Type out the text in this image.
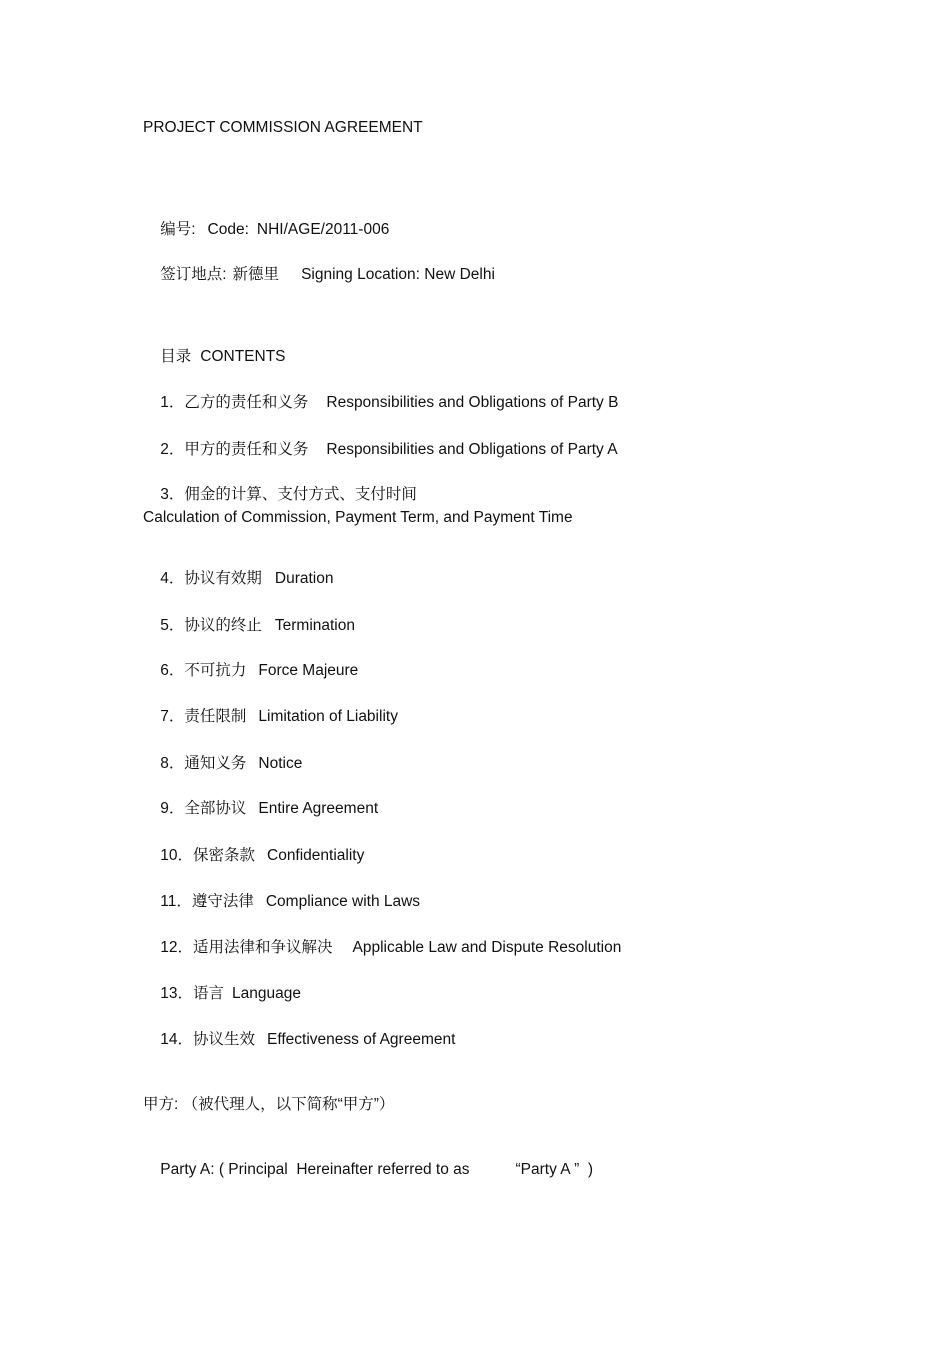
PROJECT COMMISSION AGREEMENT

编号: Code: NHI/AGE/2011-006

签订地点: 新德里 Signing Location: New Delhi

目录 CONTENTS

1．乙方的责任和义务 Responsibilities and Obligations of Party B

2．甲方的责任和义务 Responsibilities and Obligations of Party A

3．佣金的计算、支付方式、支付时间

Calculation of Commission, Payment Term, and Payment Time

4．协议有效期 Duration

5．协议的终止 Termination

6．不可抗力 Force Majeure

7．责任限制 Limitation of Liability

8．通知义务 Notice

9．全部协议 Entire Agreement

10．保密条款 Confidentiality

11．遵守法律 Compliance with Laws

12．适用法律和争议解决 Applicable Law and Dispute Resolution

13．语言 Language

14．协议生效 Effectiveness of Agreement

甲方: （被代理人，以下简称“甲方”）

Party A: ( Principal  Hereinafter referred to as	“Party A ”  )
